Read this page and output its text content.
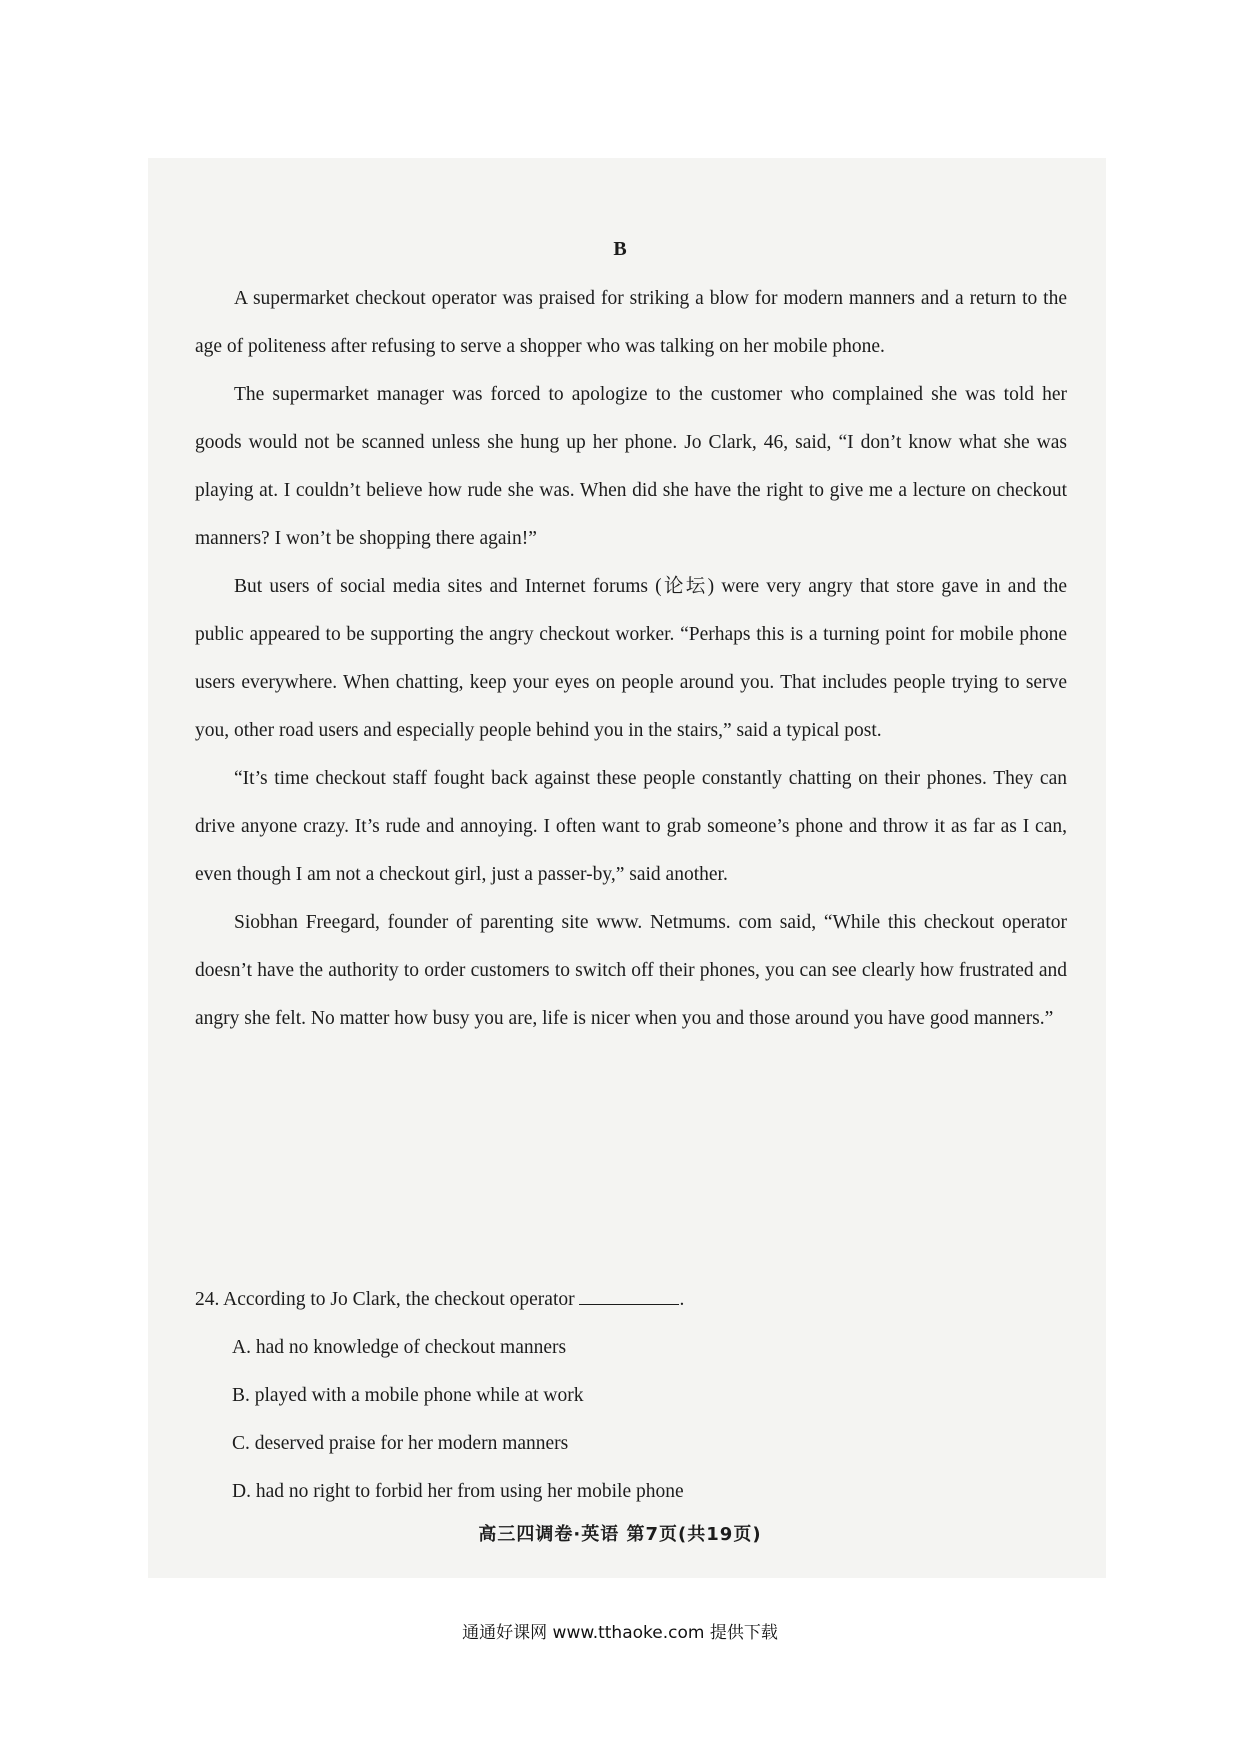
B

A supermarket checkout operator was praised for striking a blow for modern manners and a return to the age of politeness after refusing to serve a shopper who was talking on her mobile phone.

The supermarket manager was forced to apologize to the customer who complained she was told her goods would not be scanned unless she hung up her phone. Jo Clark, 46, said, “I don’t know what she was playing at. I couldn’t believe how rude she was. When did she have the right to give me a lecture on checkout manners? I won’t be shopping there again!”

But users of social media sites and Internet forums (论坛) were very angry that store gave in and the public appeared to be supporting the angry checkout worker. “Perhaps this is a turning point for mobile phone users everywhere. When chatting, keep your eyes on people around you. That includes people trying to serve you, other road users and especially people behind you in the stairs,” said a typical post.

“It’s time checkout staff fought back against these people constantly chatting on their phones. They can drive anyone crazy. It’s rude and annoying. I often want to grab someone’s phone and throw it as far as I can, even though I am not a checkout girl, just a passer-by,” said another.

Siobhan Freegard, founder of parenting site www. Netmums. com said, “While this checkout operator doesn’t have the authority to order customers to switch off their phones, you can see clearly how frustrated and angry she felt. No matter how busy you are, life is nicer when you and those around you have good manners.”

24. According to Jo Clark, the checkout operator	.

A. had no knowledge of checkout manners
B. played with a mobile phone while at work
C. deserved praise for her modern manners
D. had no right to forbid her from using her mobile phone
高三四调卷·英语 第7页(共19页)
通通好课网 www.tthaoke.com 提供下载
